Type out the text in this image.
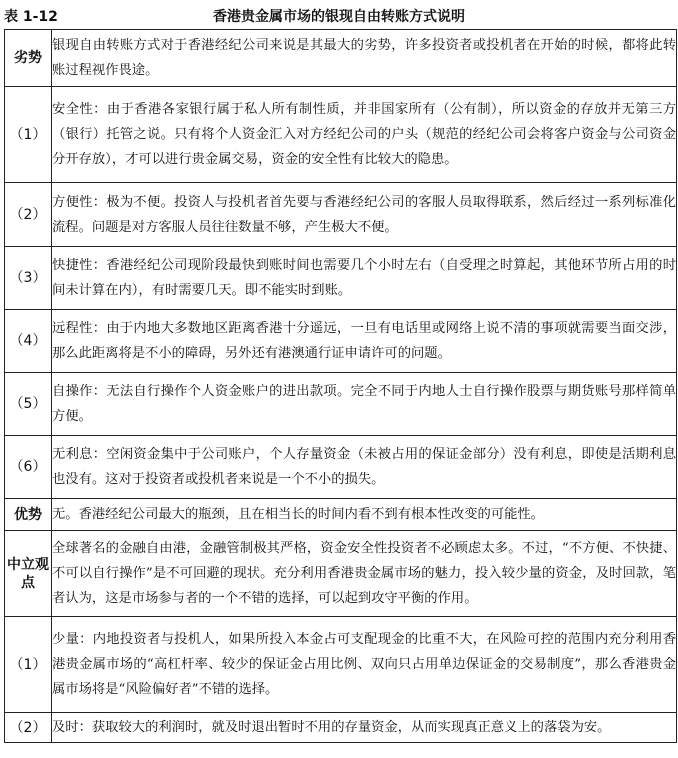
表 1-12	香港贵金属市场的银现自由转账方式说明
劣势	银现自由转账方式对于香港经纪公司来说是其最大的劣势，许多投资者或投机者在开始的时候，都将此转账过程视作畏途。
（1）	安全性：由于香港各家银行属于私人所有制性质，并非国家所有（公有制），所以资金的存放并无第三方（银行）托管之说。只有将个人资金汇入对方经纪公司的户头（规范的经纪公司会将客户资金与公司资金分开存放），才可以进行贵金属交易，资金的安全性有比较大的隐患。
（2）	方便性：极为不便。投资人与投机者首先要与香港经纪公司的客服人员取得联系，然后经过一系列标准化流程。问题是对方客服人员往往数量不够，产生极大不便。
（3）	快捷性：香港经纪公司现阶段最快到账时间也需要几个小时左右（自受理之时算起，其他环节所占用的时间未计算在内），有时需要几天。即不能实时到账。
（4）	远程性：由于内地大多数地区距离香港十分遥远，一旦有电话里或网络上说不清的事项就需要当面交涉，那么此距离将是不小的障碍，另外还有港澳通行证申请许可的问题。
（5）	自操作：无法自行操作个人资金账户的进出款项。完全不同于内地人士自行操作股票与期货账号那样简单方便。
（6）	无利息：空闲资金集中于公司账户，个人存量资金（未被占用的保证金部分）没有利息，即使是活期利息也没有。这对于投资者或投机者来说是一个不小的损失。
优势	无。香港经纪公司最大的瓶颈，且在相当长的时间内看不到有根本性改变的可能性。
中立观点	全球著名的金融自由港，金融管制极其严格，资金安全性投资者不必顾虑太多。不过，“不方便、不快捷、不可以自行操作”是不可回避的现状。充分利用香港贵金属市场的魅力，投入较少量的资金，及时回款，笔者认为，这是市场参与者的一个不错的选择，可以起到攻守平衡的作用。
（1）	少量：内地投资者与投机人，如果所投入本金占可支配现金的比重不大，在风险可控的范围内充分利用香港贵金属市场的“高杠杆率、较少的保证金占用比例、双向只占用单边保证金的交易制度”，那么香港贵金属市场将是“风险偏好者”不错的选择。
（2）	及时：获取较大的利润时，就及时退出暂时不用的存量资金，从而实现真正意义上的落袋为安。
